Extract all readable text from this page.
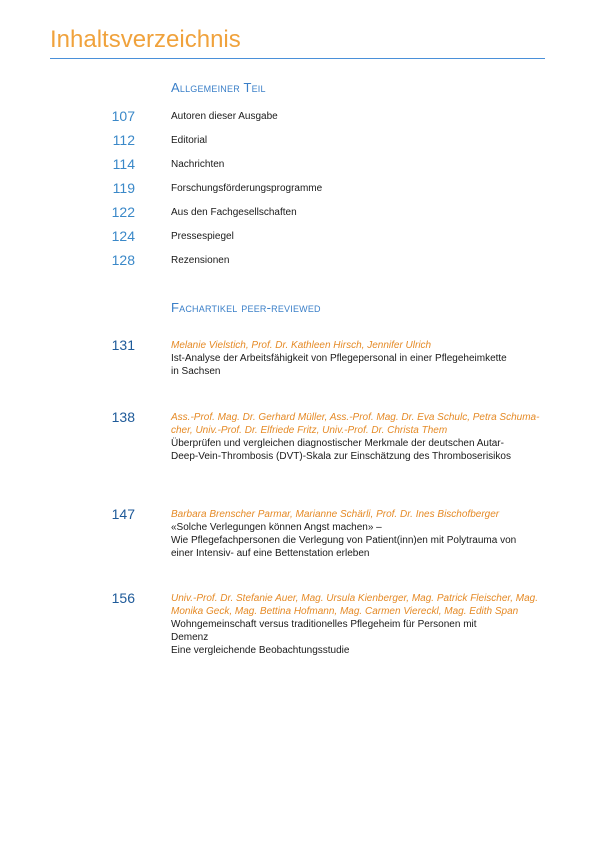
Inhaltsverzeichnis
Allgemeiner Teil
107	Autoren dieser Ausgabe
112	Editorial
114	Nachrichten
119	Forschungsförderungsprogramme
122	Aus den Fachgesellschaften
124	Pressespiegel
128	Rezensionen
Fachartikel peer-reviewed
131	Melanie Vielstich, Prof. Dr. Kathleen Hirsch, Jennifer Ulrich
Ist-Analyse der Arbeitsfähigkeit von Pflegepersonal in einer Pflegeheimkette
in Sachsen
138	Ass.-Prof. Mag. Dr. Gerhard Müller, Ass.-Prof. Mag. Dr. Eva Schulc, Petra Schuma-
cher, Univ.-Prof. Dr. Elfriede Fritz, Univ.-Prof. Dr. Christa Them
Überprüfen und vergleichen diagnostischer Merkmale der deutschen Autar-
Deep-Vein-Thrombosis (DVT)-Skala zur Einschätzung des Thromboserisikos
147	Barbara Brenscher Parmar, Marianne Schärli, Prof. Dr. Ines Bischofberger
«Solche Verlegungen können Angst machen» –
Wie Pflegefachpersonen die Verlegung von Patient(inn)en mit Polytrauma von
einer Intensiv- auf eine Bettenstation erleben
156	Univ.-Prof. Dr. Stefanie Auer, Mag. Ursula Kienberger, Mag. Patrick Fleischer, Mag.
Monika Geck, Mag. Bettina Hofmann, Mag. Carmen Viereckl, Mag. Edith Span
Wohngemeinschaft versus traditionelles Pflegeheim für Personen mit
Demenz
Eine vergleichende Beobachtungsstudie
